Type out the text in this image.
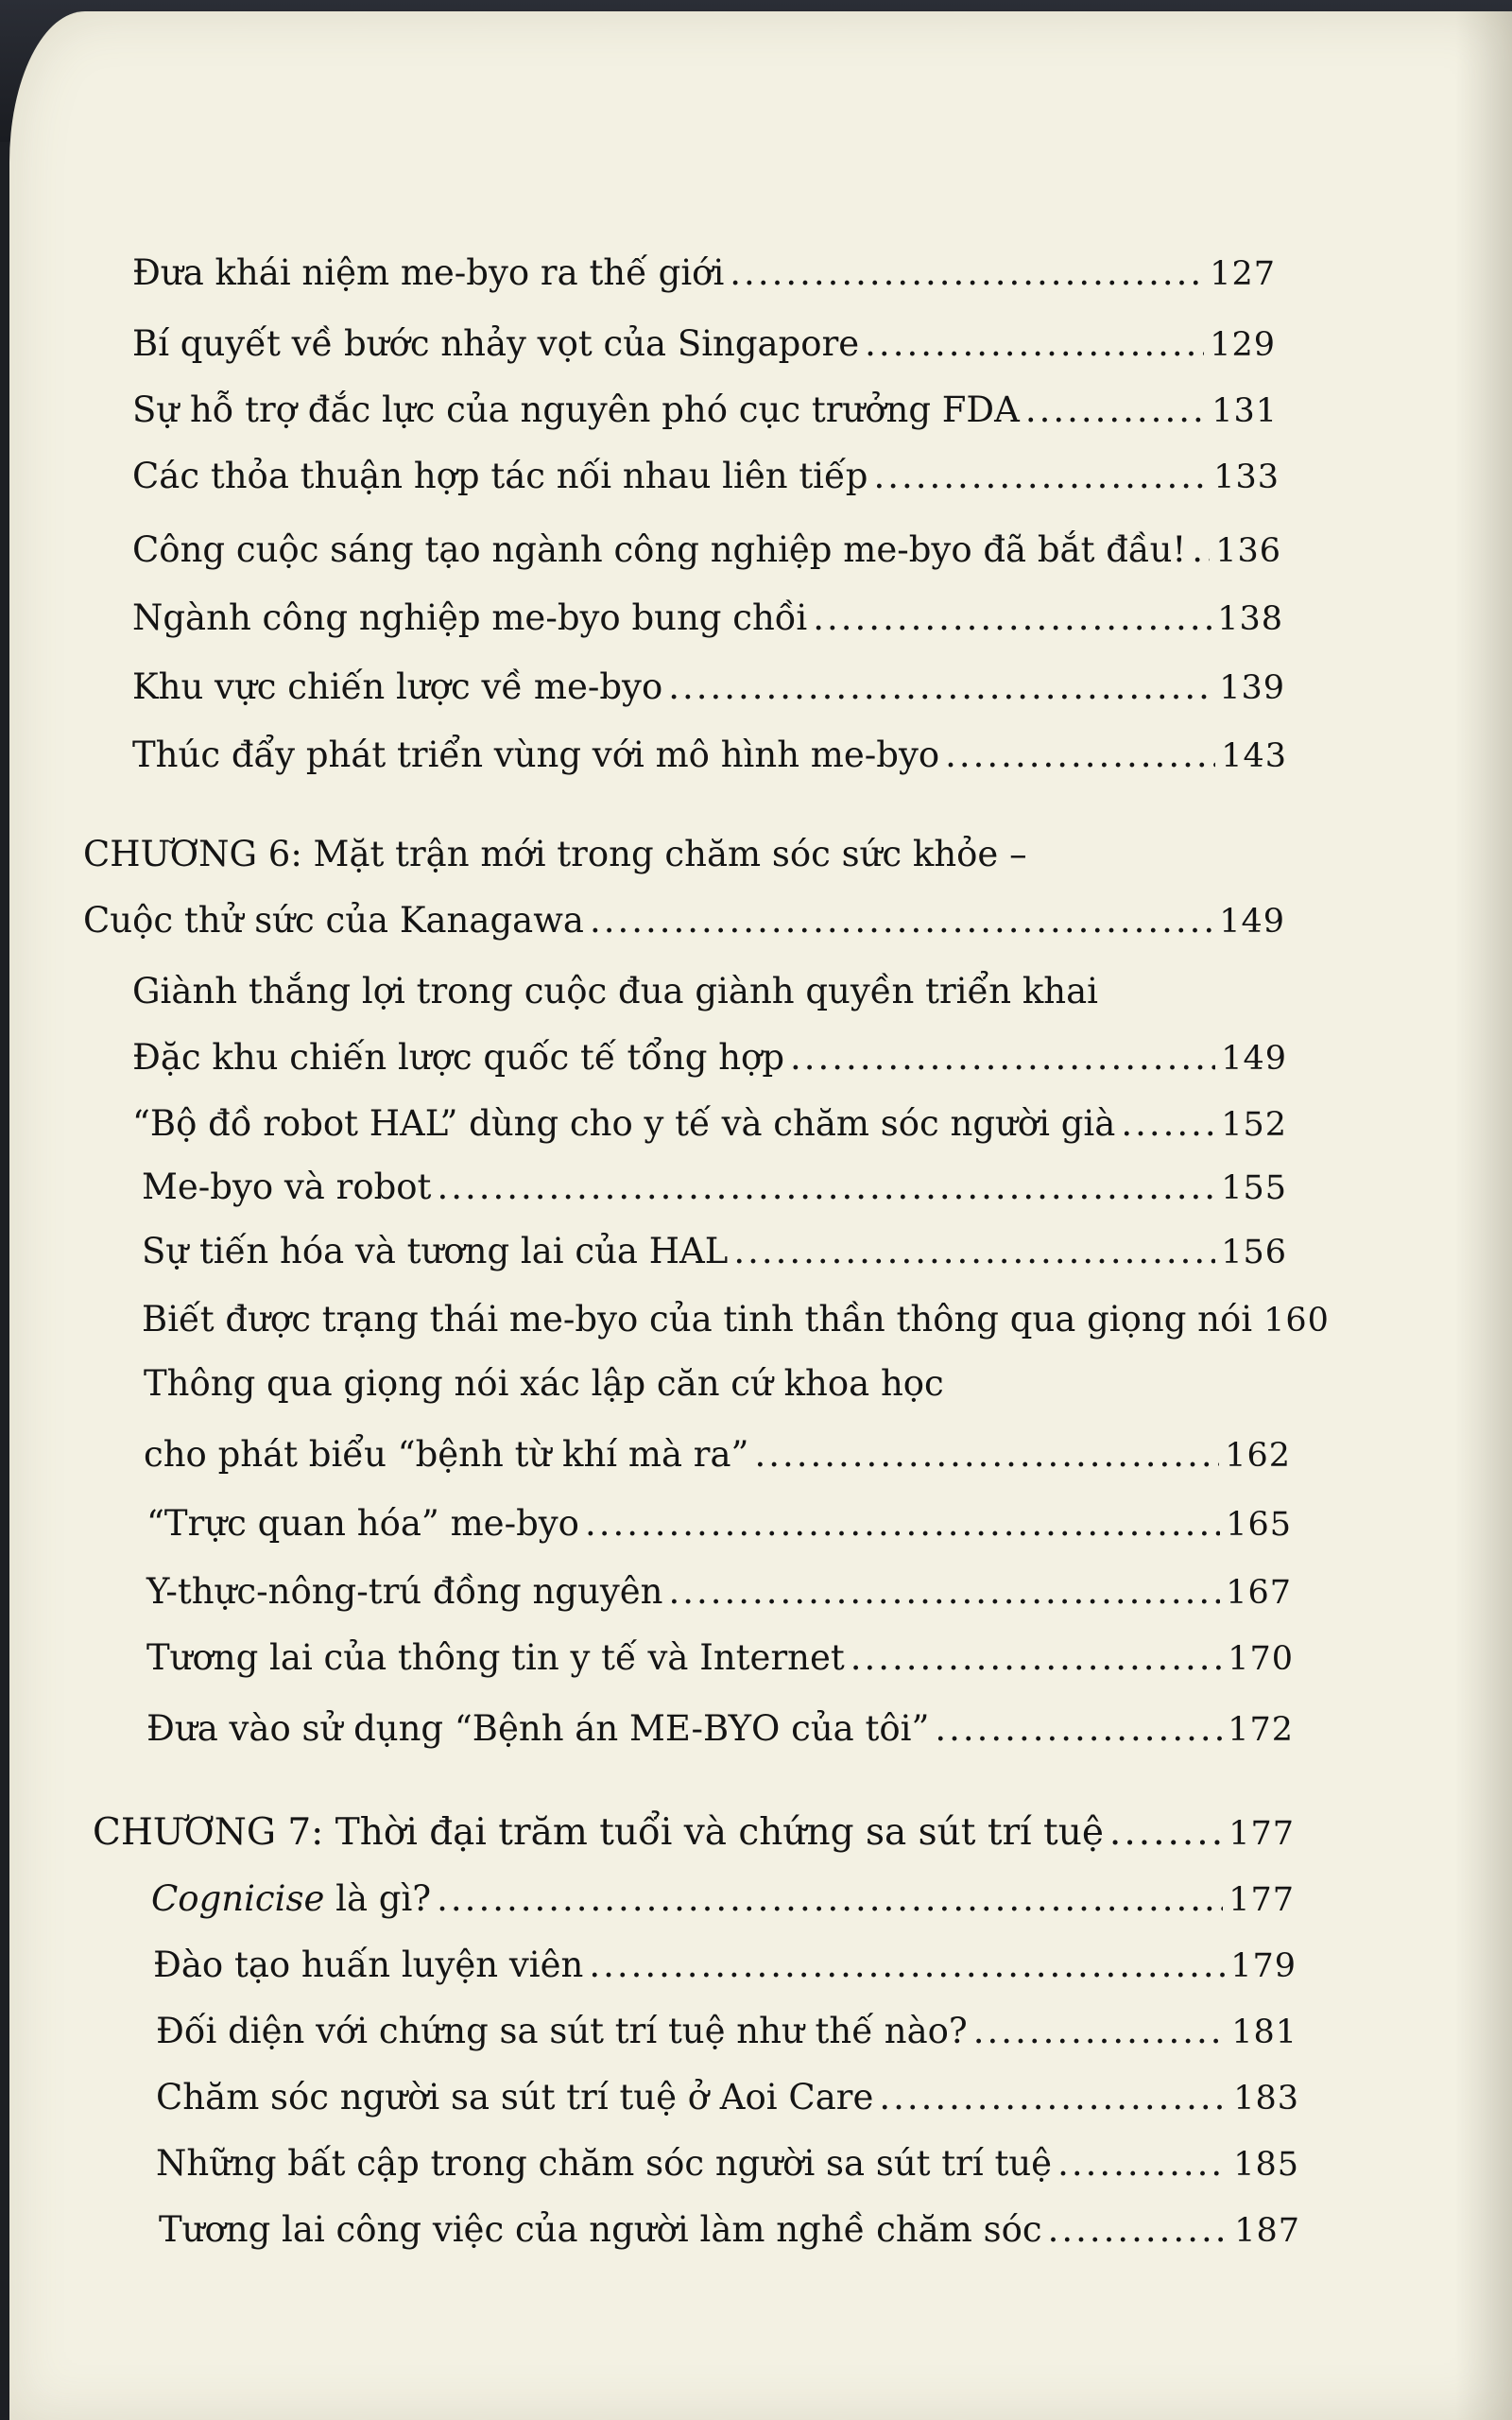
Đưa khái niệm me-byo ra thế giới .....	127
Bí quyết về bước nhảy vọt của Singapore .....	129
Sự hỗ trợ đắc lực của nguyên phó cục trưởng FDA .....	131
Các thỏa thuận hợp tác nối nhau liên tiếp .....	133
Công cuộc sáng tạo ngành công nghiệp me-byo đã bắt đầu! ..... 136
Ngành công nghiệp me-byo bung chồi .....	138
Khu vực chiến lược về me-byo .....	139
Thúc đẩy phát triển vùng với mô hình me-byo .....	143
CHƯƠNG 6: Mặt trận mới trong chăm sóc sức khỏe –
Cuộc thử sức của Kanagawa .....	149
Giành thắng lợi trong cuộc đua giành quyền triển khai
Đặc khu chiến lược quốc tế tổng hợp .....	149
“Bộ đồ robot HAL” dùng cho y tế và chăm sóc người già .....	152
Me-byo và robot .....	155
Sự tiến hóa và tương lai của HAL .....	156
Biết được trạng thái me-byo của tinh thần thông qua giọng nói 160
Thông qua giọng nói xác lập căn cứ khoa học
cho phát biểu “bệnh từ khí mà ra” .....	162
“Trực quan hóa” me-byo .....	165
Y-thực-nông-trú đồng nguyên .....	167
Tương lai của thông tin y tế và Internet .....	170
Đưa vào sử dụng “Bệnh án ME-BYO của tôi” .....	172
CHƯƠNG 7: Thời đại trăm tuổi và chứng sa sút trí tuệ .....	177
Cognicise là gì? .....	177
Đào tạo huấn luyện viên .....	179
Đối diện với chứng sa sút trí tuệ như thế nào? .....	181
Chăm sóc người sa sút trí tuệ ở Aoi Care .....	183
Những bất cập trong chăm sóc người sa sút trí tuệ .....	185
Tương lai công việc của người làm nghề chăm sóc .....	187
